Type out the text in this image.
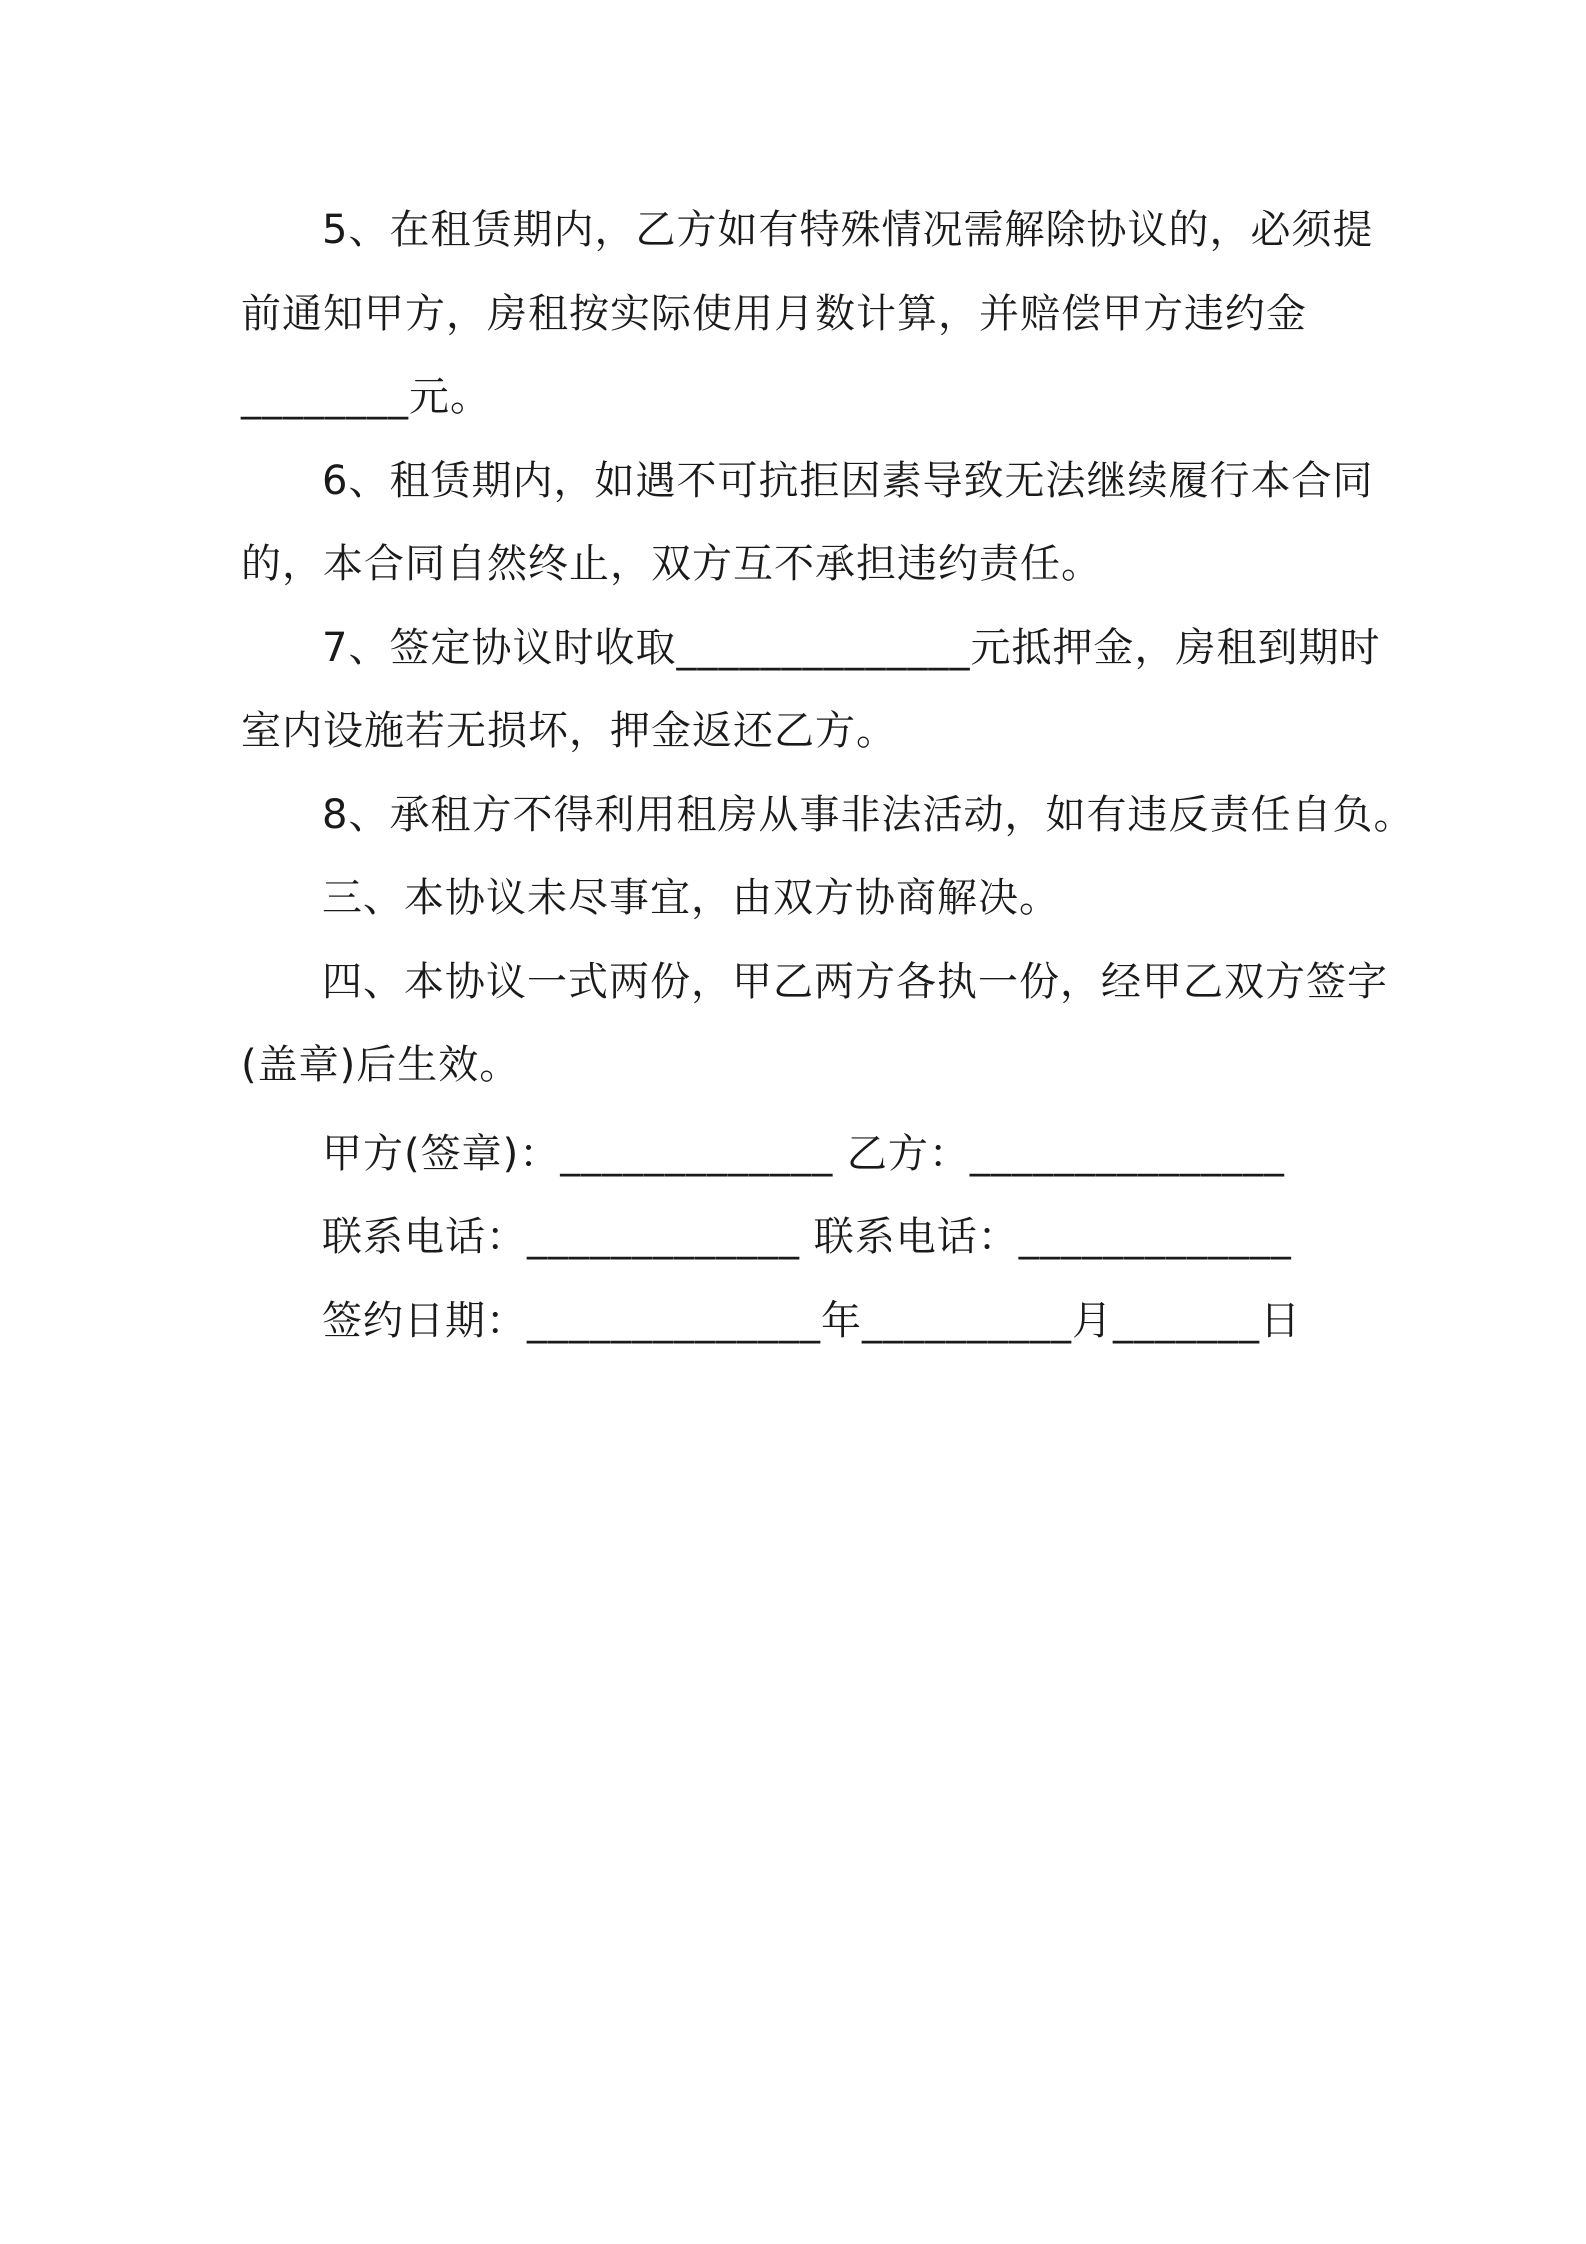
5、在租赁期内，乙方如有特殊情况需解除协议的，必须提
前通知甲方，房租按实际使用月数计算，并赔偿甲方违约金
________元。
6、租赁期内，如遇不可抗拒因素导致无法继续履行本合同
的，本合同自然终止，双方互不承担违约责任。
7、签定协议时收取______________元抵押金，房租到期时
室内设施若无损坏，押金返还乙方。
8、承租方不得利用租房从事非法活动，如有违反责任自负。
三、本协议未尽事宜，由双方协商解决。
四、本协议一式两份，甲乙两方各执一份，经甲乙双方签字
(盖章)后生效。
甲方(签章)：_____________ 乙方：_______________
联系电话：_____________ 联系电话：_____________
签约日期：______________年__________月_______日
